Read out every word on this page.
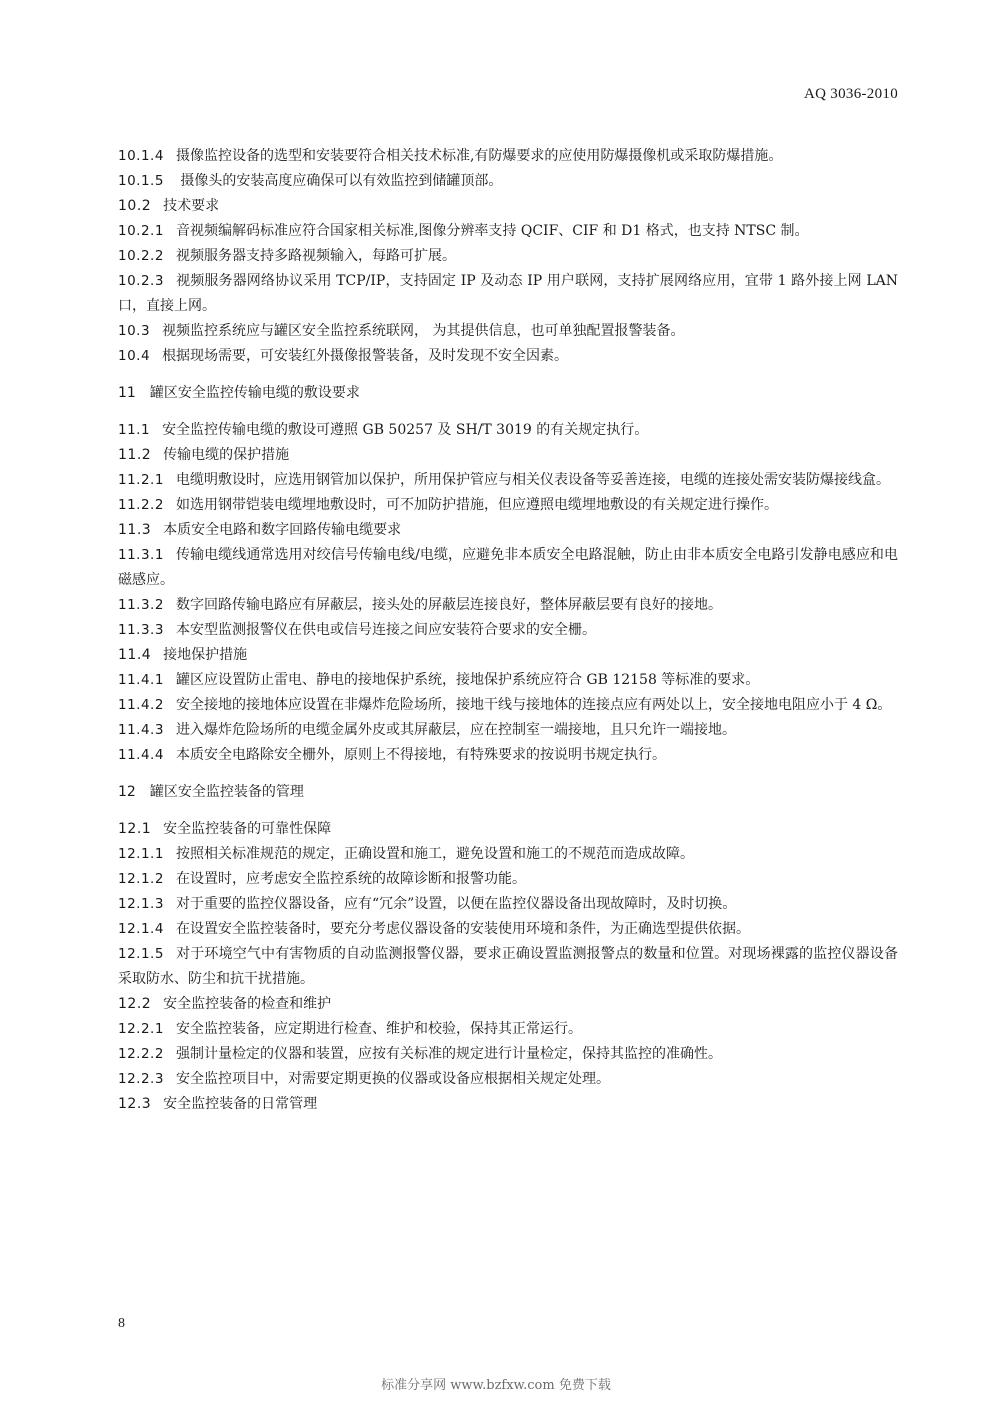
AQ 3036-2010

10.1.4 摄像监控设备的选型和安装要符合相关技术标准,有防爆要求的应使用防爆摄像机或采取防爆措施。

10.1.5 摄像头的安装高度应确保可以有效监控到储罐顶部。

10.2 技术要求

10.2.1 音视频编解码标准应符合国家相关标准,图像分辨率支持 QCIF、CIF 和 D1 格式，也支持 NTSC 制。

10.2.2 视频服务器支持多路视频输入，每路可扩展。

10.2.3 视频服务器网络协议采用 TCP/IP，支持固定 IP 及动态 IP 用户联网，支持扩展网络应用，宜带 1 路外接上网 LAN 口，直接上网。

10.3 视频监控系统应与罐区安全监控系统联网， 为其提供信息，也可单独配置报警装备。

10.4 根据现场需要，可安装红外摄像报警装备，及时发现不安全因素。

11 罐区安全监控传输电缆的敷设要求

11.1 安全监控传输电缆的敷设可遵照 GB 50257 及 SH/T 3019 的有关规定执行。

11.2 传输电缆的保护措施

11.2.1 电缆明敷设时，应选用钢管加以保护，所用保护管应与相关仪表设备等妥善连接，电缆的连接处需安装防爆接线盒。

11.2.2 如选用钢带铠装电缆埋地敷设时，可不加防护措施，但应遵照电缆埋地敷设的有关规定进行操作。

11.3 本质安全电路和数字回路传输电缆要求

11.3.1 传输电缆线通常选用对绞信号传输电线/电缆，应避免非本质安全电路混触，防止由非本质安全电路引发静电感应和电磁感应。

11.3.2 数字回路传输电路应有屏蔽层，接头处的屏蔽层连接良好，整体屏蔽层要有良好的接地。

11.3.3 本安型监测报警仪在供电或信号连接之间应安装符合要求的安全栅。

11.4 接地保护措施

11.4.1 罐区应设置防止雷电、静电的接地保护系统，接地保护系统应符合 GB 12158 等标准的要求。

11.4.2 安全接地的接地体应设置在非爆炸危险场所，接地干线与接地体的连接点应有两处以上，安全接地电阻应小于 4 Ω。

11.4.3 进入爆炸危险场所的电缆金属外皮或其屏蔽层，应在控制室一端接地，且只允许一端接地。

11.4.4 本质安全电路除安全栅外，原则上不得接地，有特殊要求的按说明书规定执行。

12 罐区安全监控装备的管理

12.1 安全监控装备的可靠性保障

12.1.1 按照相关标准规范的规定，正确设置和施工，避免设置和施工的不规范而造成故障。

12.1.2 在设置时，应考虑安全监控系统的故障诊断和报警功能。

12.1.3 对于重要的监控仪器设备，应有“冗余”设置，以便在监控仪器设备出现故障时，及时切换。

12.1.4 在设置安全监控装备时，要充分考虑仪器设备的安装使用环境和条件，为正确选型提供依据。

12.1.5 对于环境空气中有害物质的自动监测报警仪器，要求正确设置监测报警点的数量和位置。对现场裸露的监控仪器设备采取防水、防尘和抗干扰措施。

12.2 安全监控装备的检查和维护

12.2.1 安全监控装备，应定期进行检查、维护和校验，保持其正常运行。

12.2.2 强制计量检定的仪器和装置，应按有关标准的规定进行计量检定，保持其监控的准确性。

12.2.3 安全监控项目中，对需要定期更换的仪器或设备应根据相关规定处理。

12.3 安全监控装备的日常管理

8
标准分享网 www.bzfxw.com 免费下载
